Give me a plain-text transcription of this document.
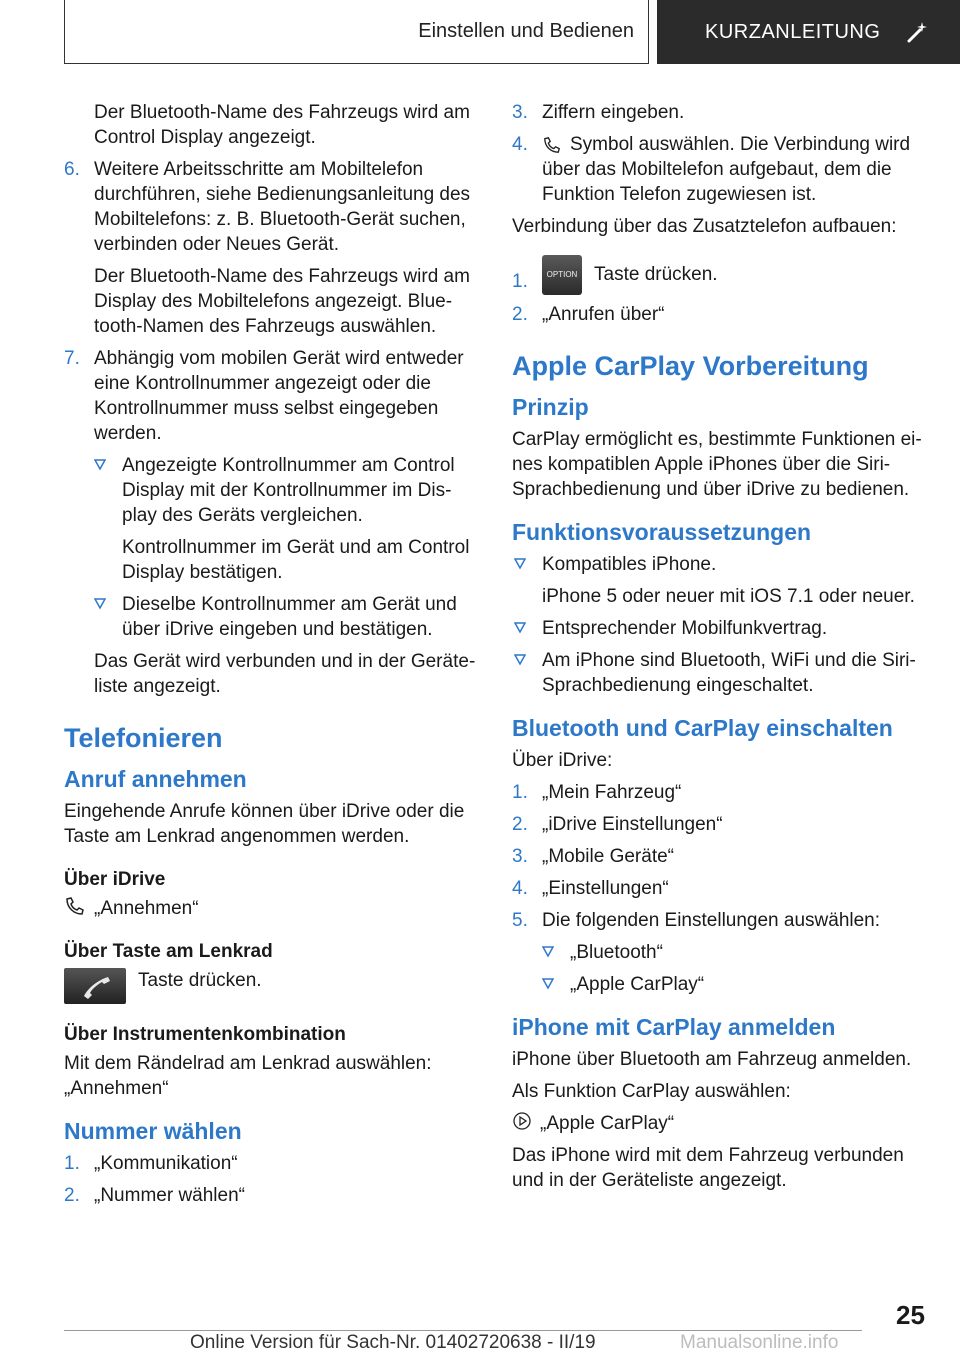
Einstellen und Bedienen	KURZANLEITUNG

Der Bluetooth-Name des Fahrzeugs wird am Control Display angezeigt.

6. Weitere Arbeitsschritte am Mobiltelefon durchführen, siehe Bedienungsanleitung des Mobiltelefons: z. B. Bluetooth-Gerät suchen, verbinden oder Neues Gerät.

Der Bluetooth-Name des Fahrzeugs wird am Display des Mobiltelefons angezeigt. Bluetooth-Namen des Fahrzeugs auswählen.

7. Abhängig vom mobilen Gerät wird entweder eine Kontrollnummer angezeigt oder die Kontrollnummer muss selbst eingegeben werden.
Angezeigte Kontrollnummer am Control Display mit der Kontrollnummer im Display des Geräts vergleichen.

Kontrollnummer im Gerät und am Control Display bestätigen.

Dieselbe Kontrollnummer am Gerät und über iDrive eingeben und bestätigen.

Das Gerät wird verbunden und in der Geräteliste angezeigt.

Telefonieren
Anruf annehmen

Eingehende Anrufe können über iDrive oder die Taste am Lenkrad angenommen werden.

Über iDrive
„Annehmen“
Über Taste am Lenkrad
Taste drücken.
Über Instrumentenkombination

Mit dem Rändelrad am Lenkrad auswählen: „Annehmen“

Nummer wählen
1. „Kommunikation“
2. „Nummer wählen“
3. Ziffern eingeben.
4. Symbol auswählen. Die Verbindung wird über das Mobiltelefon aufgebaut, dem die Funktion Telefon zugewiesen ist.

Verbindung über das Zusatztelefon aufbauen:

1. OPTION Taste drücken.
2. „Anrufen über“
Apple CarPlay Vorbereitung
Prinzip

CarPlay ermöglicht es, bestimmte Funktionen eines kompatiblen Apple iPhones über die Siri-Sprachbedienung und über iDrive zu bedienen.

Funktionsvoraussetzungen
Kompatibles iPhone.

iPhone 5 oder neuer mit iOS 7.1 oder neuer.

Entsprechender Mobilfunkvertrag.
Am iPhone sind Bluetooth, WiFi und die Siri-Sprachbedienung eingeschaltet.
Bluetooth und CarPlay einschalten

Über iDrive:

1. „Mein Fahrzeug“
2. „iDrive Einstellungen“
3. „Mobile Geräte“
4. „Einstellungen“
5. Die folgenden Einstellungen auswählen:
„Bluetooth“
„Apple CarPlay“
iPhone mit CarPlay anmelden

iPhone über Bluetooth am Fahrzeug anmelden.

Als Funktion CarPlay auswählen:

„Apple CarPlay“

Das iPhone wird mit dem Fahrzeug verbunden und in der Geräteliste angezeigt.

25
Online Version für Sach-Nr. 01402720638 - II/19	Manualsonline.info
